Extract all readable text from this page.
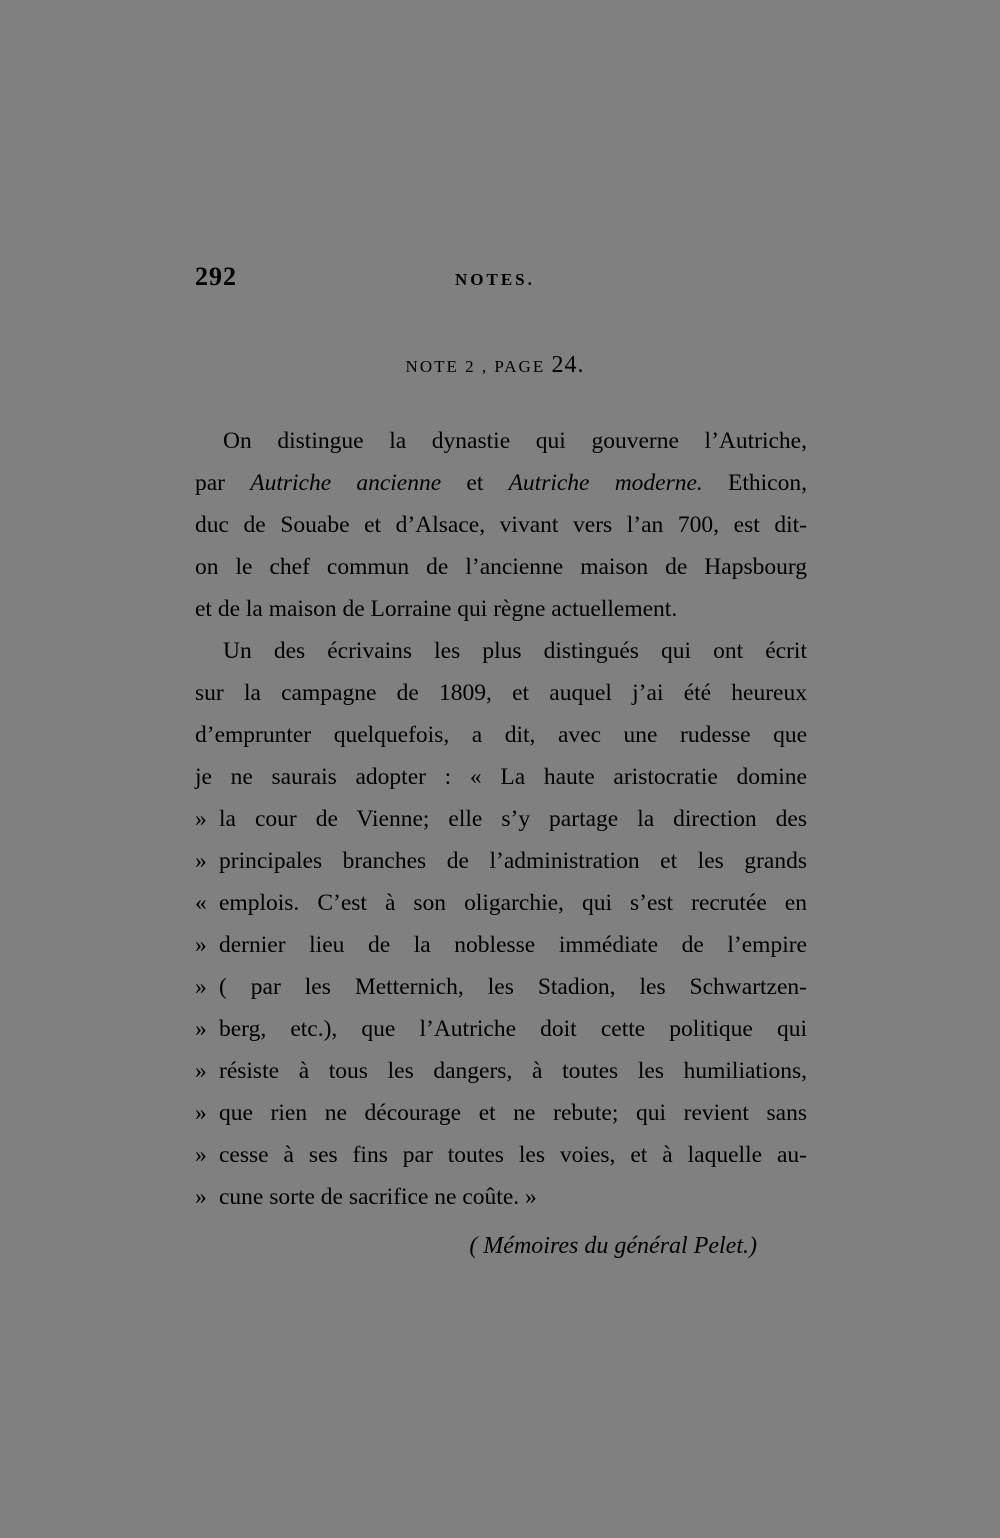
292	NOTES.
NOTE 2 , PAGE 24.
On distingue la dynastie qui gouverne l’Autriche,
par Autriche ancienne et Autriche moderne. Ethicon,
duc de Souabe et d’Alsace, vivant vers l’an 700, est dit-
on le chef commun de l’ancienne maison de Hapsbourg
et de la maison de Lorraine qui règne actuellement.
Un des écrivains les plus distingués qui ont écrit
sur la campagne de 1809, et auquel j’ai été heureux
d’emprunter quelquefois, a dit, avec une rudesse que
je ne saurais adopter : « La haute aristocratie domine
» la cour de Vienne; elle s’y partage la direction des
» principales branches de l’administration et les grands
« emplois. C’est à son oligarchie, qui s’est recrutée en
» dernier lieu de la noblesse immédiate de l’empire
» ( par les Metternich, les Stadion, les Schwartzen-
» berg, etc.), que l’Autriche doit cette politique qui
» résiste à tous les dangers, à toutes les humiliations,
» que rien ne décourage et ne rebute; qui revient sans
» cesse à ses fins par toutes les voies, et à laquelle au-
» cune sorte de sacrifice ne coûte. »
( Mémoires du général Pelet.)
